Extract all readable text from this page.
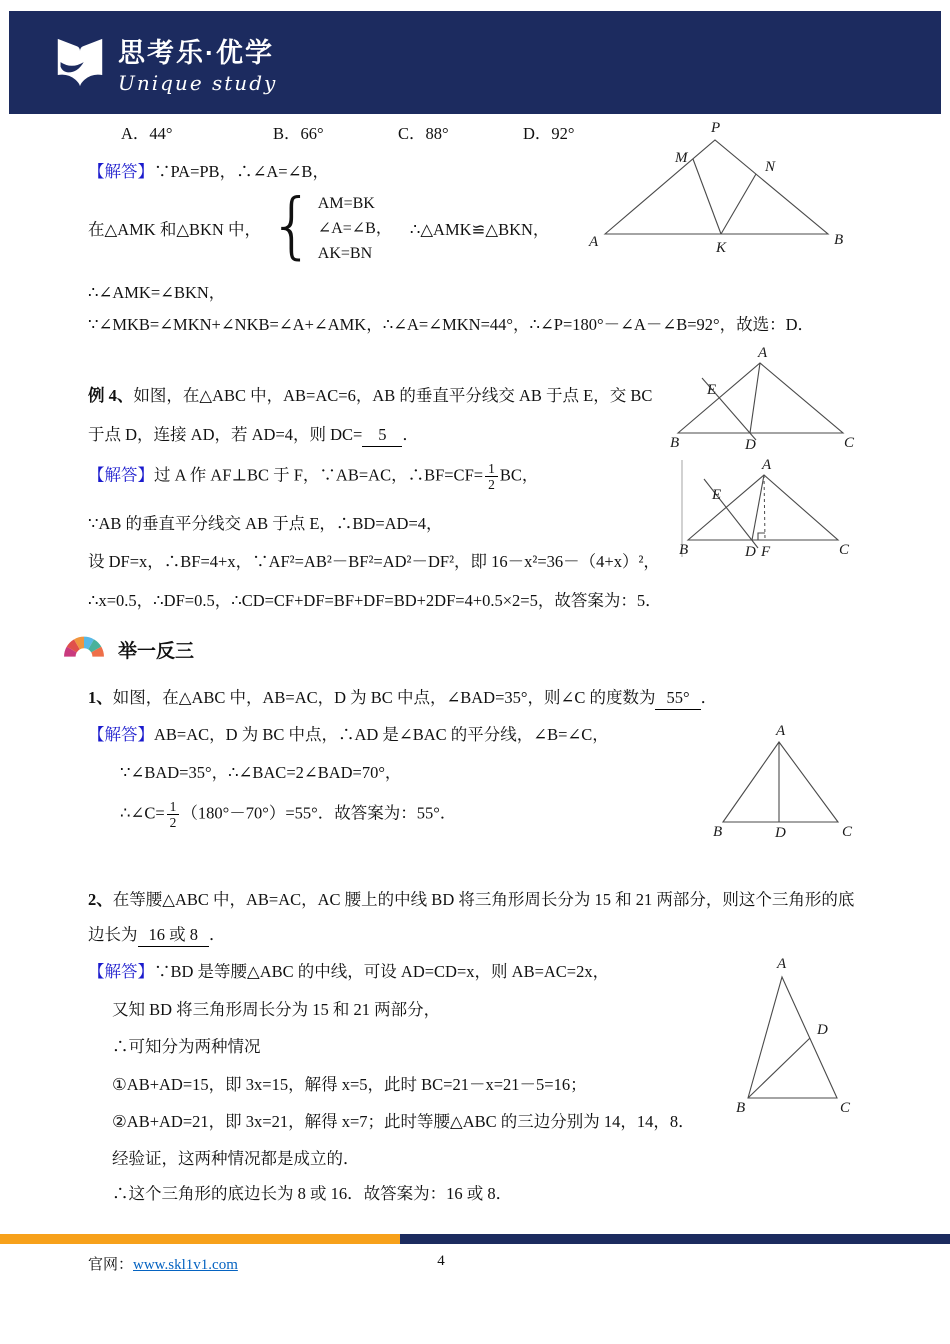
思考乐·优学
Unique study
A．44°	B．66°	C．88°	D．92°
【解答】∵PA=PB，∴∠A=∠B，
在△AMK 和△BKN 中， { AM=BK
∠A=∠B，
AK=BN
∴△AMK≌△BKN，
∴∠AMK=∠BKN，
∵∠MKB=∠MKN+∠NKB=∠A+∠AMK，∴∠A=∠MKN=44°，∴∠P=180°－∠A－∠B=92°，故选：D．
例 4、如图，在△ABC 中，AB=AC=6，AB 的垂直平分线交 AB 于点 E，交 BC
于点 D，连接 AD，若 AD=4，则 DC= 5 ．
【解答】过 A 作 AF⊥BC 于 F，∵AB=AC，∴BF=CF= $\frac{1}{2}$ BC，
∵AB 的垂直平分线交 AB 于点 E，∴BD=AD=4，
设 DF=x，∴BF=4+x，∵AF²=AB²－BF²=AD²－DF²，即 16－x²=36－（4+x）²，
∴x=0.5，∴DF=0.5，∴CD=CF+DF=BF+DF=BD+2DF=4+0.5×2=5，故答案为：5．
举一反三
1、如图，在△ABC 中，AB=AC，D 为 BC 中点，∠BAD=35°，则∠C 的度数为 55° ．
【解答】AB=AC，D 为 BC 中点，∴AD 是∠BAC 的平分线，∠B=∠C，
∵∠BAD=35°，∴∠BAC=2∠BAD=70°，
∴∠C= $\frac{1}{2} (180^\circ-70^\circ)=55^\circ$．故答案为：55°．
2、在等腰△ABC 中，AB=AC，AC 腰上的中线 BD 将三角形周长分为 15 和 21 两部分，则这个三角形的底
边长为 16 或 8 ．
【解答】∵BD 是等腰△ABC 的中线，可设 AD=CD=x，则 AB=AC=2x，
又知 BD 将三角形周长分为 15 和 21 两部分，
∴可知分为两种情况
①AB+AD=15，即 3x=15，解得 x=5，此时 BC=21－x=21－5=16；
②AB+AD=21，即 3x=21，解得 x=7；此时等腰△ABC 的三边分别为 14，14，8．
经验证，这两种情况都是成立的．
∴这个三角形的底边长为 8 或 16．故答案为：16 或 8．
P
M
N
A	K	B
A
E
B	D	C
A
E
B	D F	C
A
B	D	C
A
D
B	C
官网：www.skl1v1.com	4
